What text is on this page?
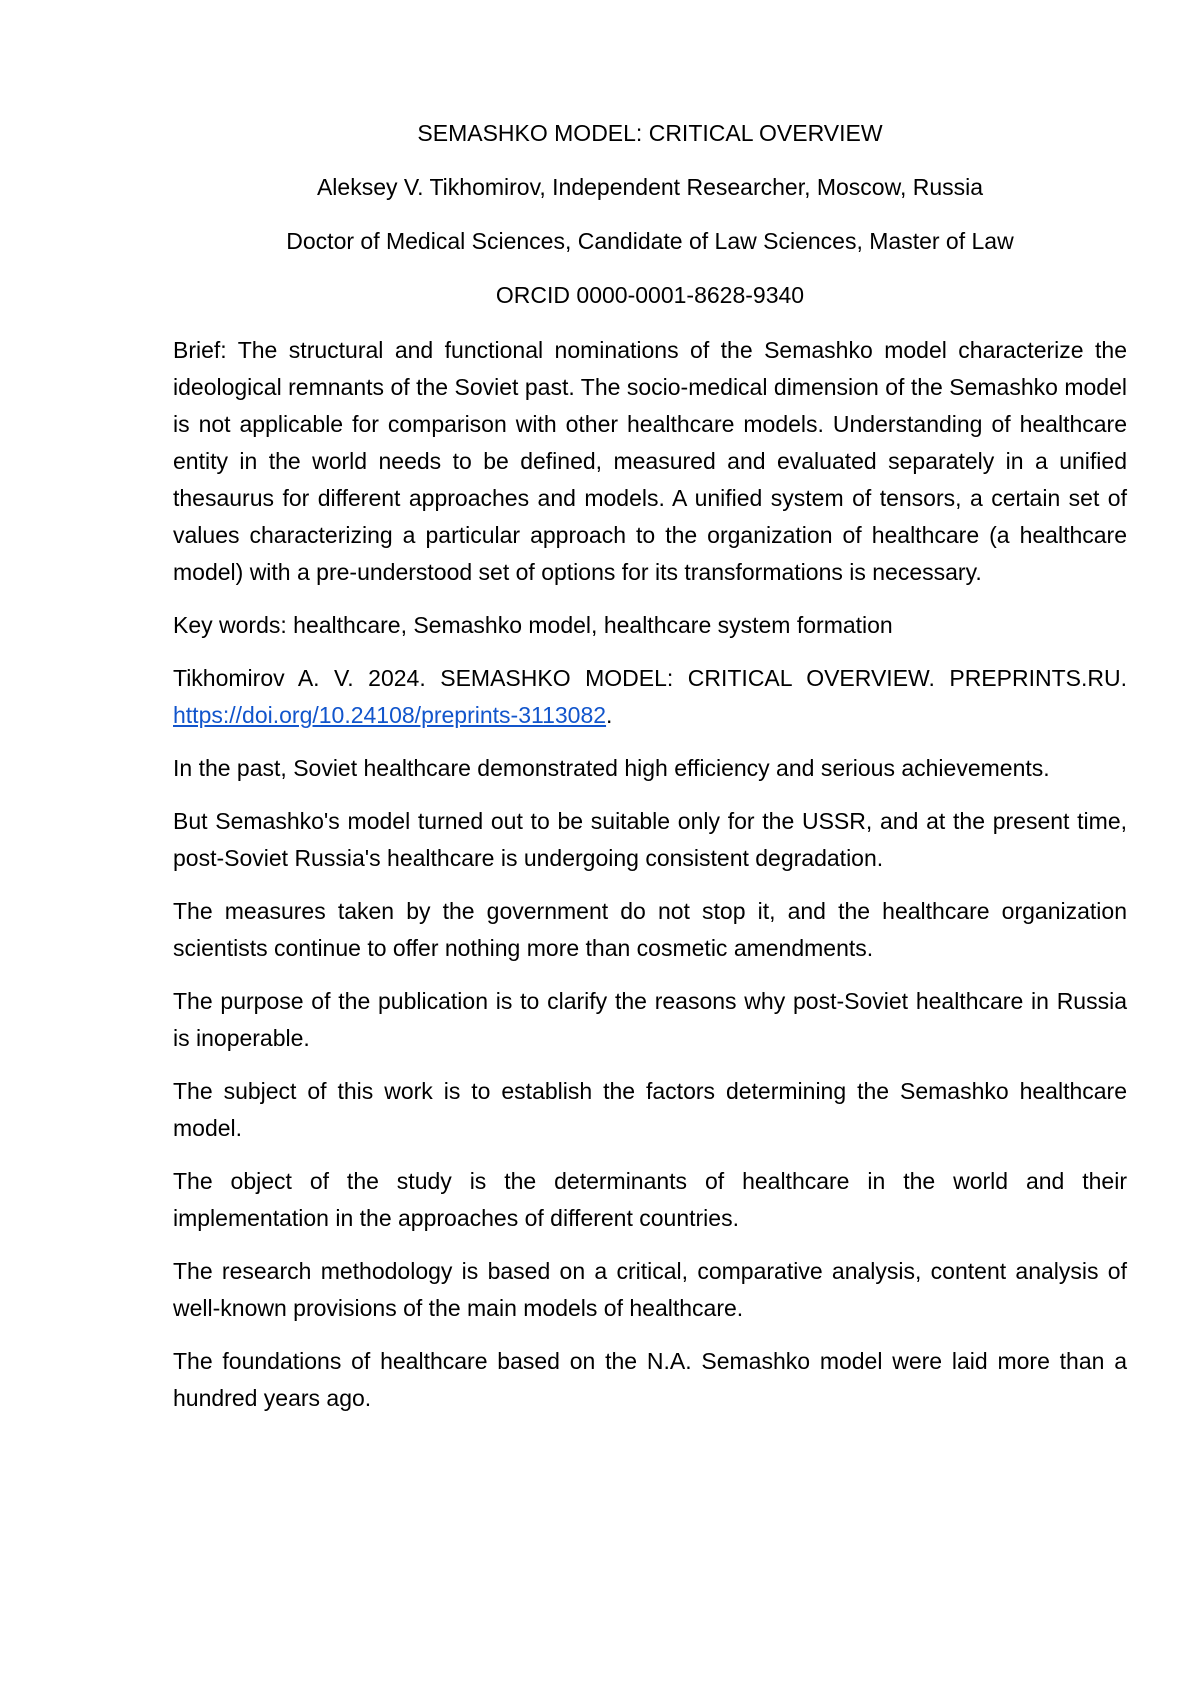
SEMASHKO MODEL: CRITICAL OVERVIEW

Aleksey V. Tikhomirov, Independent Researcher, Moscow, Russia

Doctor of Medical Sciences, Candidate of Law Sciences, Master of Law

ORCID 0000-0001-8628-9340

Brief: The structural and functional nominations of the Semashko model characterize the ideological remnants of the Soviet past. The socio-medical dimension of the Semashko model is not applicable for comparison with other healthcare models. Understanding of healthcare entity in the world needs to be defined, measured and evaluated separately in a unified thesaurus for different approaches and models. A unified system of tensors, a certain set of values characterizing a particular approach to the organization of healthcare (a healthcare model) with a pre-understood set of options for its transformations is necessary.

Key words: healthcare, Semashko model, healthcare system formation

Tikhomirov A. V. 2024. SEMASHKO MODEL: CRITICAL OVERVIEW. PREPRINTS.RU. https://doi.org/10.24108/preprints-3113082.

In the past, Soviet healthcare demonstrated high efficiency and serious achievements.

But Semashko's model turned out to be suitable only for the USSR, and at the present time, post-Soviet Russia's healthcare is undergoing consistent degradation.

The measures taken by the government do not stop it, and the healthcare organization scientists continue to offer nothing more than cosmetic amendments.

The purpose of the publication is to clarify the reasons why post-Soviet healthcare in Russia is inoperable.

The subject of this work is to establish the factors determining the Semashko healthcare model.

The object of the study is the determinants of healthcare in the world and their implementation in the approaches of different countries.

The research methodology is based on a critical, comparative analysis, content analysis of well-known provisions of the main models of healthcare.

The foundations of healthcare based on the N.A. Semashko model were laid more than a hundred years ago.
